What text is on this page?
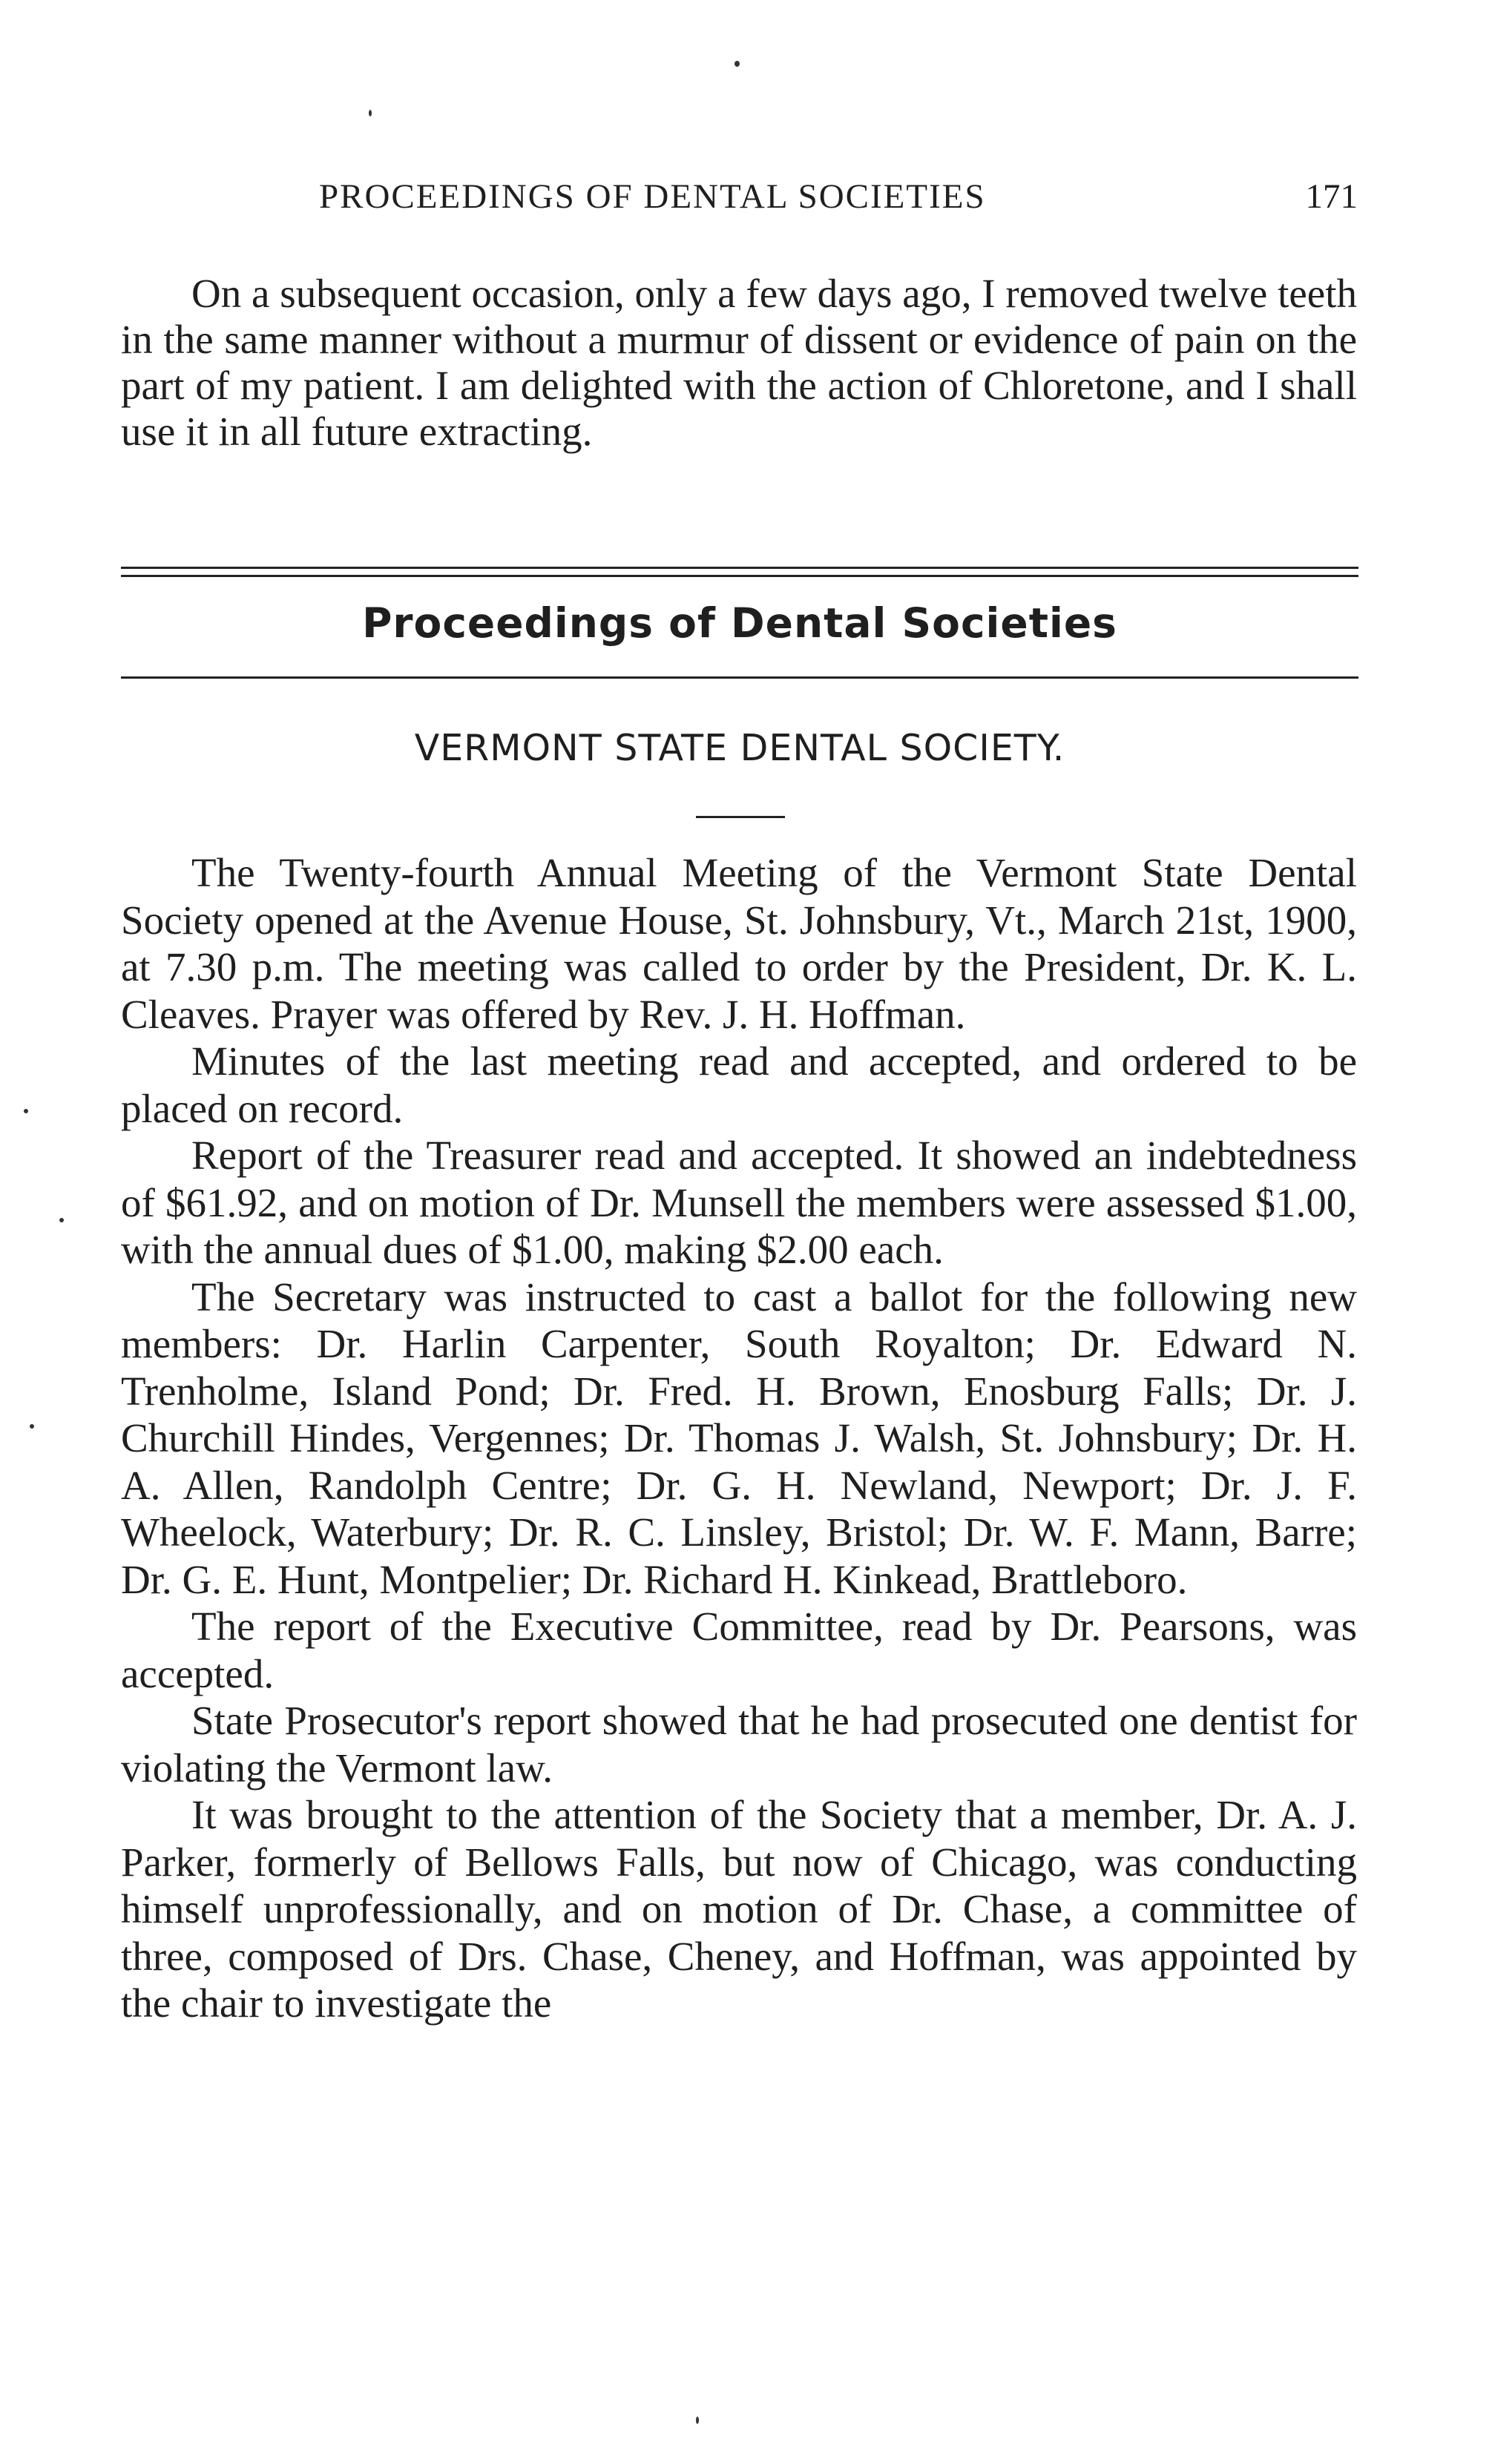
PROCEEDINGS OF DENTAL SOCIETIES	171
On a subsequent occasion, only a few days ago, I removed twelve teeth in the same manner without a murmur of dissent or evidence of pain on the part of my patient. I am delighted with the action of Chloretone, and I shall use it in all future extracting.
Proceedings of Dental Societies
VERMONT STATE DENTAL SOCIETY.

The Twenty-fourth Annual Meeting of the Vermont State Dental Society opened at the Avenue House, St. Johnsbury, Vt., March 21st, 1900, at 7.30 p.m. The meeting was called to order by the President, Dr. K. L. Cleaves. Prayer was offered by Rev. J. H. Hoffman.

Minutes of the last meeting read and accepted, and ordered to be placed on record.

Report of the Treasurer read and accepted. It showed an indebtedness of $61.92, and on motion of Dr. Munsell the members were assessed $1.00, with the annual dues of $1.00, making $2.00 each.

The Secretary was instructed to cast a ballot for the following new members: Dr. Harlin Carpenter, South Royalton; Dr. Edward N. Trenholme, Island Pond; Dr. Fred. H. Brown, Enosburg Falls; Dr. J. Churchill Hindes, Vergennes; Dr. Thomas J. Walsh, St. Johnsbury; Dr. H. A. Allen, Randolph Centre; Dr. G. H. Newland, Newport; Dr. J. F. Wheelock, Waterbury; Dr. R. C. Linsley, Bristol; Dr. W. F. Mann, Barre; Dr. G. E. Hunt, Montpelier; Dr. Richard H. Kinkead, Brattleboro.

The report of the Executive Committee, read by Dr. Pearsons, was accepted.

State Prosecutor's report showed that he had prosecuted one dentist for violating the Vermont law.

It was brought to the attention of the Society that a member, Dr. A. J. Parker, formerly of Bellows Falls, but now of Chicago, was conducting himself unprofessionally, and on motion of Dr. Chase, a committee of three, composed of Drs. Chase, Cheney, and Hoffman, was appointed by the chair to investigate the
